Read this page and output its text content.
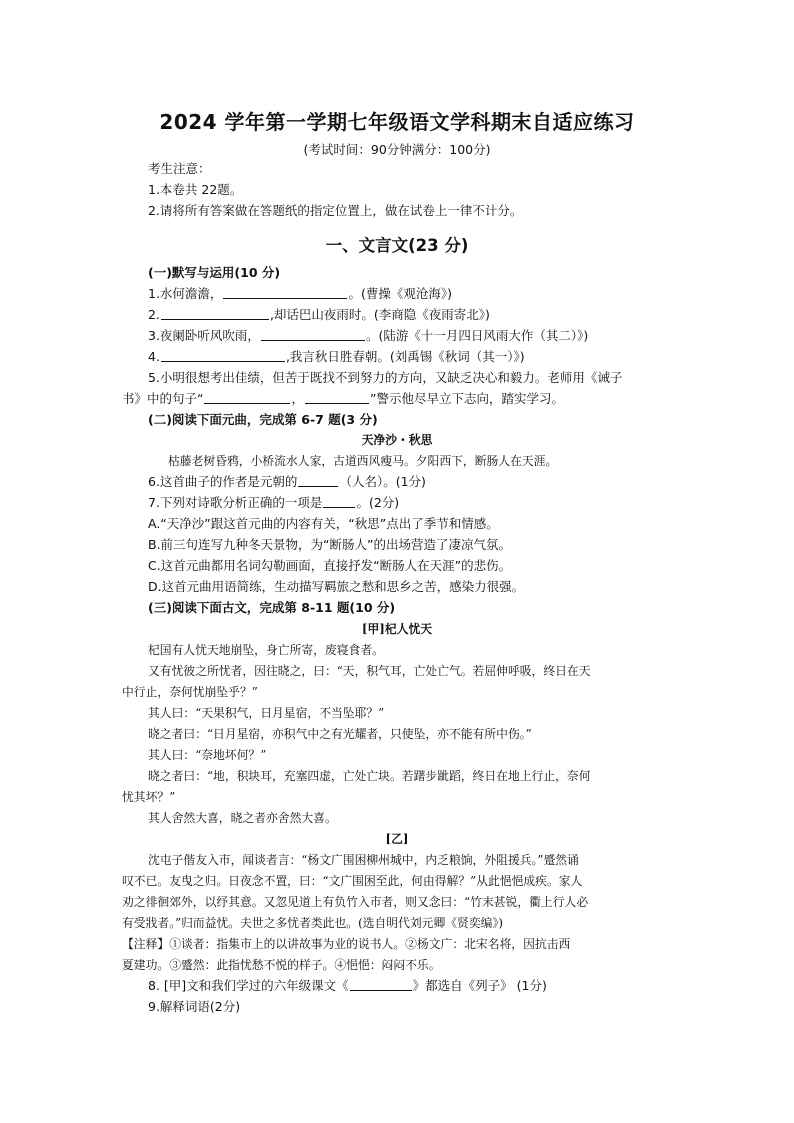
2024 学年第一学期七年级语文学科期末自适应练习
(考试时间：90分钟满分：100分)
考生注意：
1.本卷共 22题。
2.请将所有答案做在答题纸的指定位置上，做在试卷上一律不计分。
一、文言文(23 分)
(一)默写与运用(10 分)
1.水何澹澹，	。(曹操《观沧海》)
2.	,却话巴山夜雨时。(李商隐《夜雨寄北》)
3.夜阑卧听风吹雨，	。(陆游《十一月四日风雨大作（其二）》)
4.	,我言秋日胜春朝。(刘禹锡《秋词（其一）》)
5.小明很想考出佳绩，但苦于既找不到努力的方向，又缺乏决心和毅力。老师用《诫子
书》中的句子“	，	”警示他尽早立下志向，踏实学习。
(二)阅读下面元曲，完成第 6-7 题(3 分)
天净沙・秋思
枯藤老树昏鸦，小桥流水人家，古道西风瘦马。夕阳西下，断肠人在天涯。
6.这首曲子的作者是元朝的	（人名）。(1分)
7.下列对诗歌分析正确的一项是	。(2分)
A.“天净沙”跟这首元曲的内容有关，“秋思”点出了季节和情感。
B.前三句连写九种冬天景物，为“断肠人”的出场营造了凄凉气氛。
C.这首元曲都用名词勾勒画面，直接抒发“断肠人在天涯”的悲伤。
D.这首元曲用语简练，生动描写羁旅之愁和思乡之苦，感染力很强。
(三)阅读下面古文，完成第 8-11 题(10 分)
[甲]杞人忧天
杞国有人忧天地崩坠，身亡所寄，废寝食者。
又有忧彼之所忧者，因往晓之，曰：“天，积气耳，亡处亡气。若屈伸呼吸，终日在天
中行止，奈何忧崩坠乎？”
其人曰：“天果积气，日月星宿，不当坠耶？”
晓之者曰：“日月星宿，亦积气中之有光耀者，只使坠，亦不能有所中伤。”
其人曰：“奈地坏何？”
晓之者曰：“地，积块耳，充塞四虚，亡处亡块。若躇步跐蹈，终日在地上行止，奈何
忧其坏？”
其人舍然大喜，晓之者亦舍然大喜。
[乙]
沈屯子偕友入市，闻谈者言：“杨文广围困柳州城中，内乏粮饷，外阻援兵。”蹙然诵
叹不已。友曳之归。日夜念不置，曰：“文广围困至此，何由得解？”从此悒悒成疾。家人
劝之徘徊郊外，以纾其意。又忽见道上有负竹入市者，则又念曰：“竹末甚锐，衢上行人必
有受戕者。”归而益忧。夫世之多忧者类此也。(选自明代刘元卿《贤奕编》)
【注释】①谈者：指集市上的以讲故事为业的说书人。②杨文广：北宋名将，因抗击西
夏建功。③蹙然：此指忧愁不悦的样子。④悒悒：闷闷不乐。
8. [甲]文和我们学过的六年级课文《	》都选自《列子》 (1分)
9.解释词语(2分)
